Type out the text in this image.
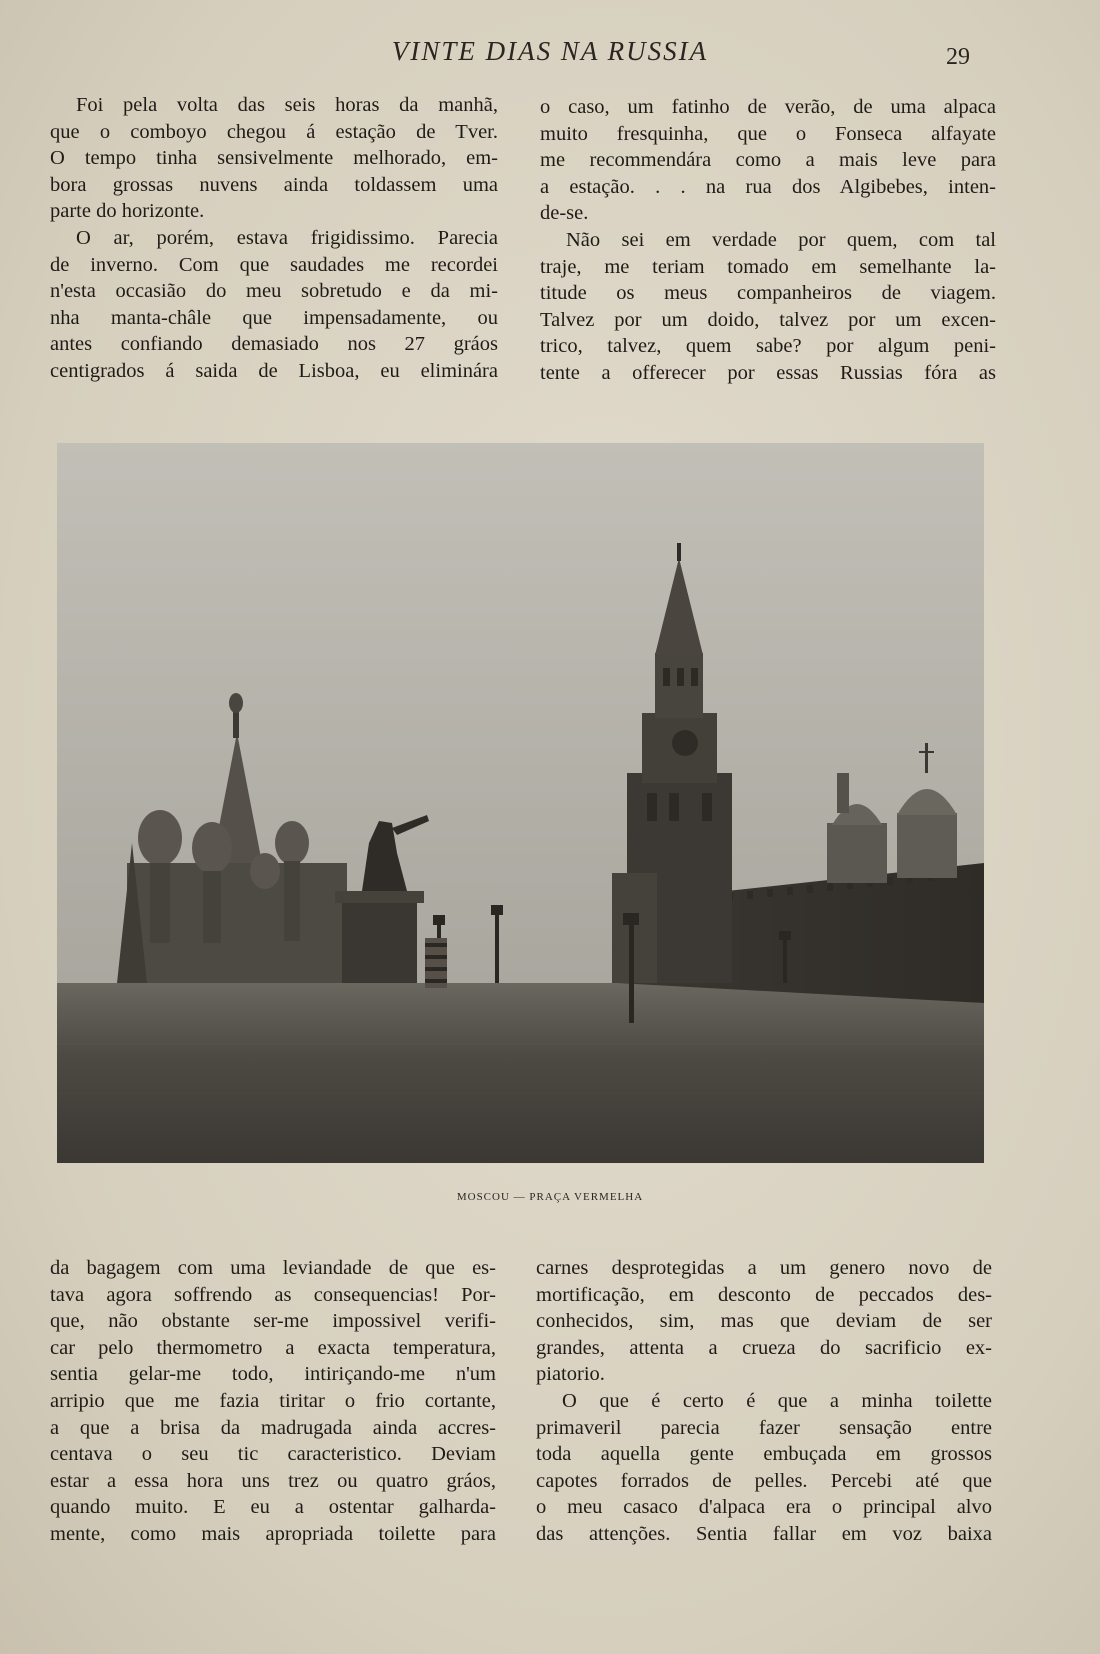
VINTE DIAS NA RUSSIA	29
Foi pela volta das seis horas da manhã,
que o comboyo chegou á estação de Tver.
O tempo tinha sensivelmente melhorado, em-
bora grossas nuvens ainda toldassem uma
parte do horizonte.
O ar, porém, estava frigidissimo. Parecia
de inverno. Com que saudades me recordei
n'esta occasião do meu sobretudo e da mi-
nha manta-châle que impensadamente, ou
antes confiando demasiado nos 27 gráos
centigrados á saida de Lisboa, eu eliminára
o caso, um fatinho de verão, de uma alpaca
muito fresquinha, que o Fonseca alfayate
me recommendára como a mais leve para
a estação. . . na rua dos Algibebes, inten-
de-se.
Não sei em verdade por quem, com tal
traje, me teriam tomado em semelhante la-
titude os meus companheiros de viagem.
Talvez por um doido, talvez por um excen-
trico, talvez, quem sabe? por algum peni-
tente a offerecer por essas Russias fóra as
MOSCOU — PRAÇA VERMELHA
da bagagem com uma leviandade de que es-
tava agora soffrendo as consequencias! Por-
que, não obstante ser-me impossivel verifi-
car pelo thermometro a exacta temperatura,
sentia gelar-me todo, intiriçando-me n'um
arripio que me fazia tiritar o frio cortante,
a que a brisa da madrugada ainda accres-
centava o seu tic caracteristico. Deviam
estar a essa hora uns trez ou quatro gráos,
quando muito. E eu a ostentar galharda-
mente, como mais apropriada toilette para
carnes desprotegidas a um genero novo de
mortificação, em desconto de peccados des-
conhecidos, sim, mas que deviam de ser
grandes, attenta a crueza do sacrificio ex-
piatorio.
O que é certo é que a minha toilette
primaveril parecia fazer sensação entre
toda aquella gente embuçada em grossos
capotes forrados de pelles. Percebi até que
o meu casaco d'alpaca era o principal alvo
das attenções. Sentia fallar em voz baixa
